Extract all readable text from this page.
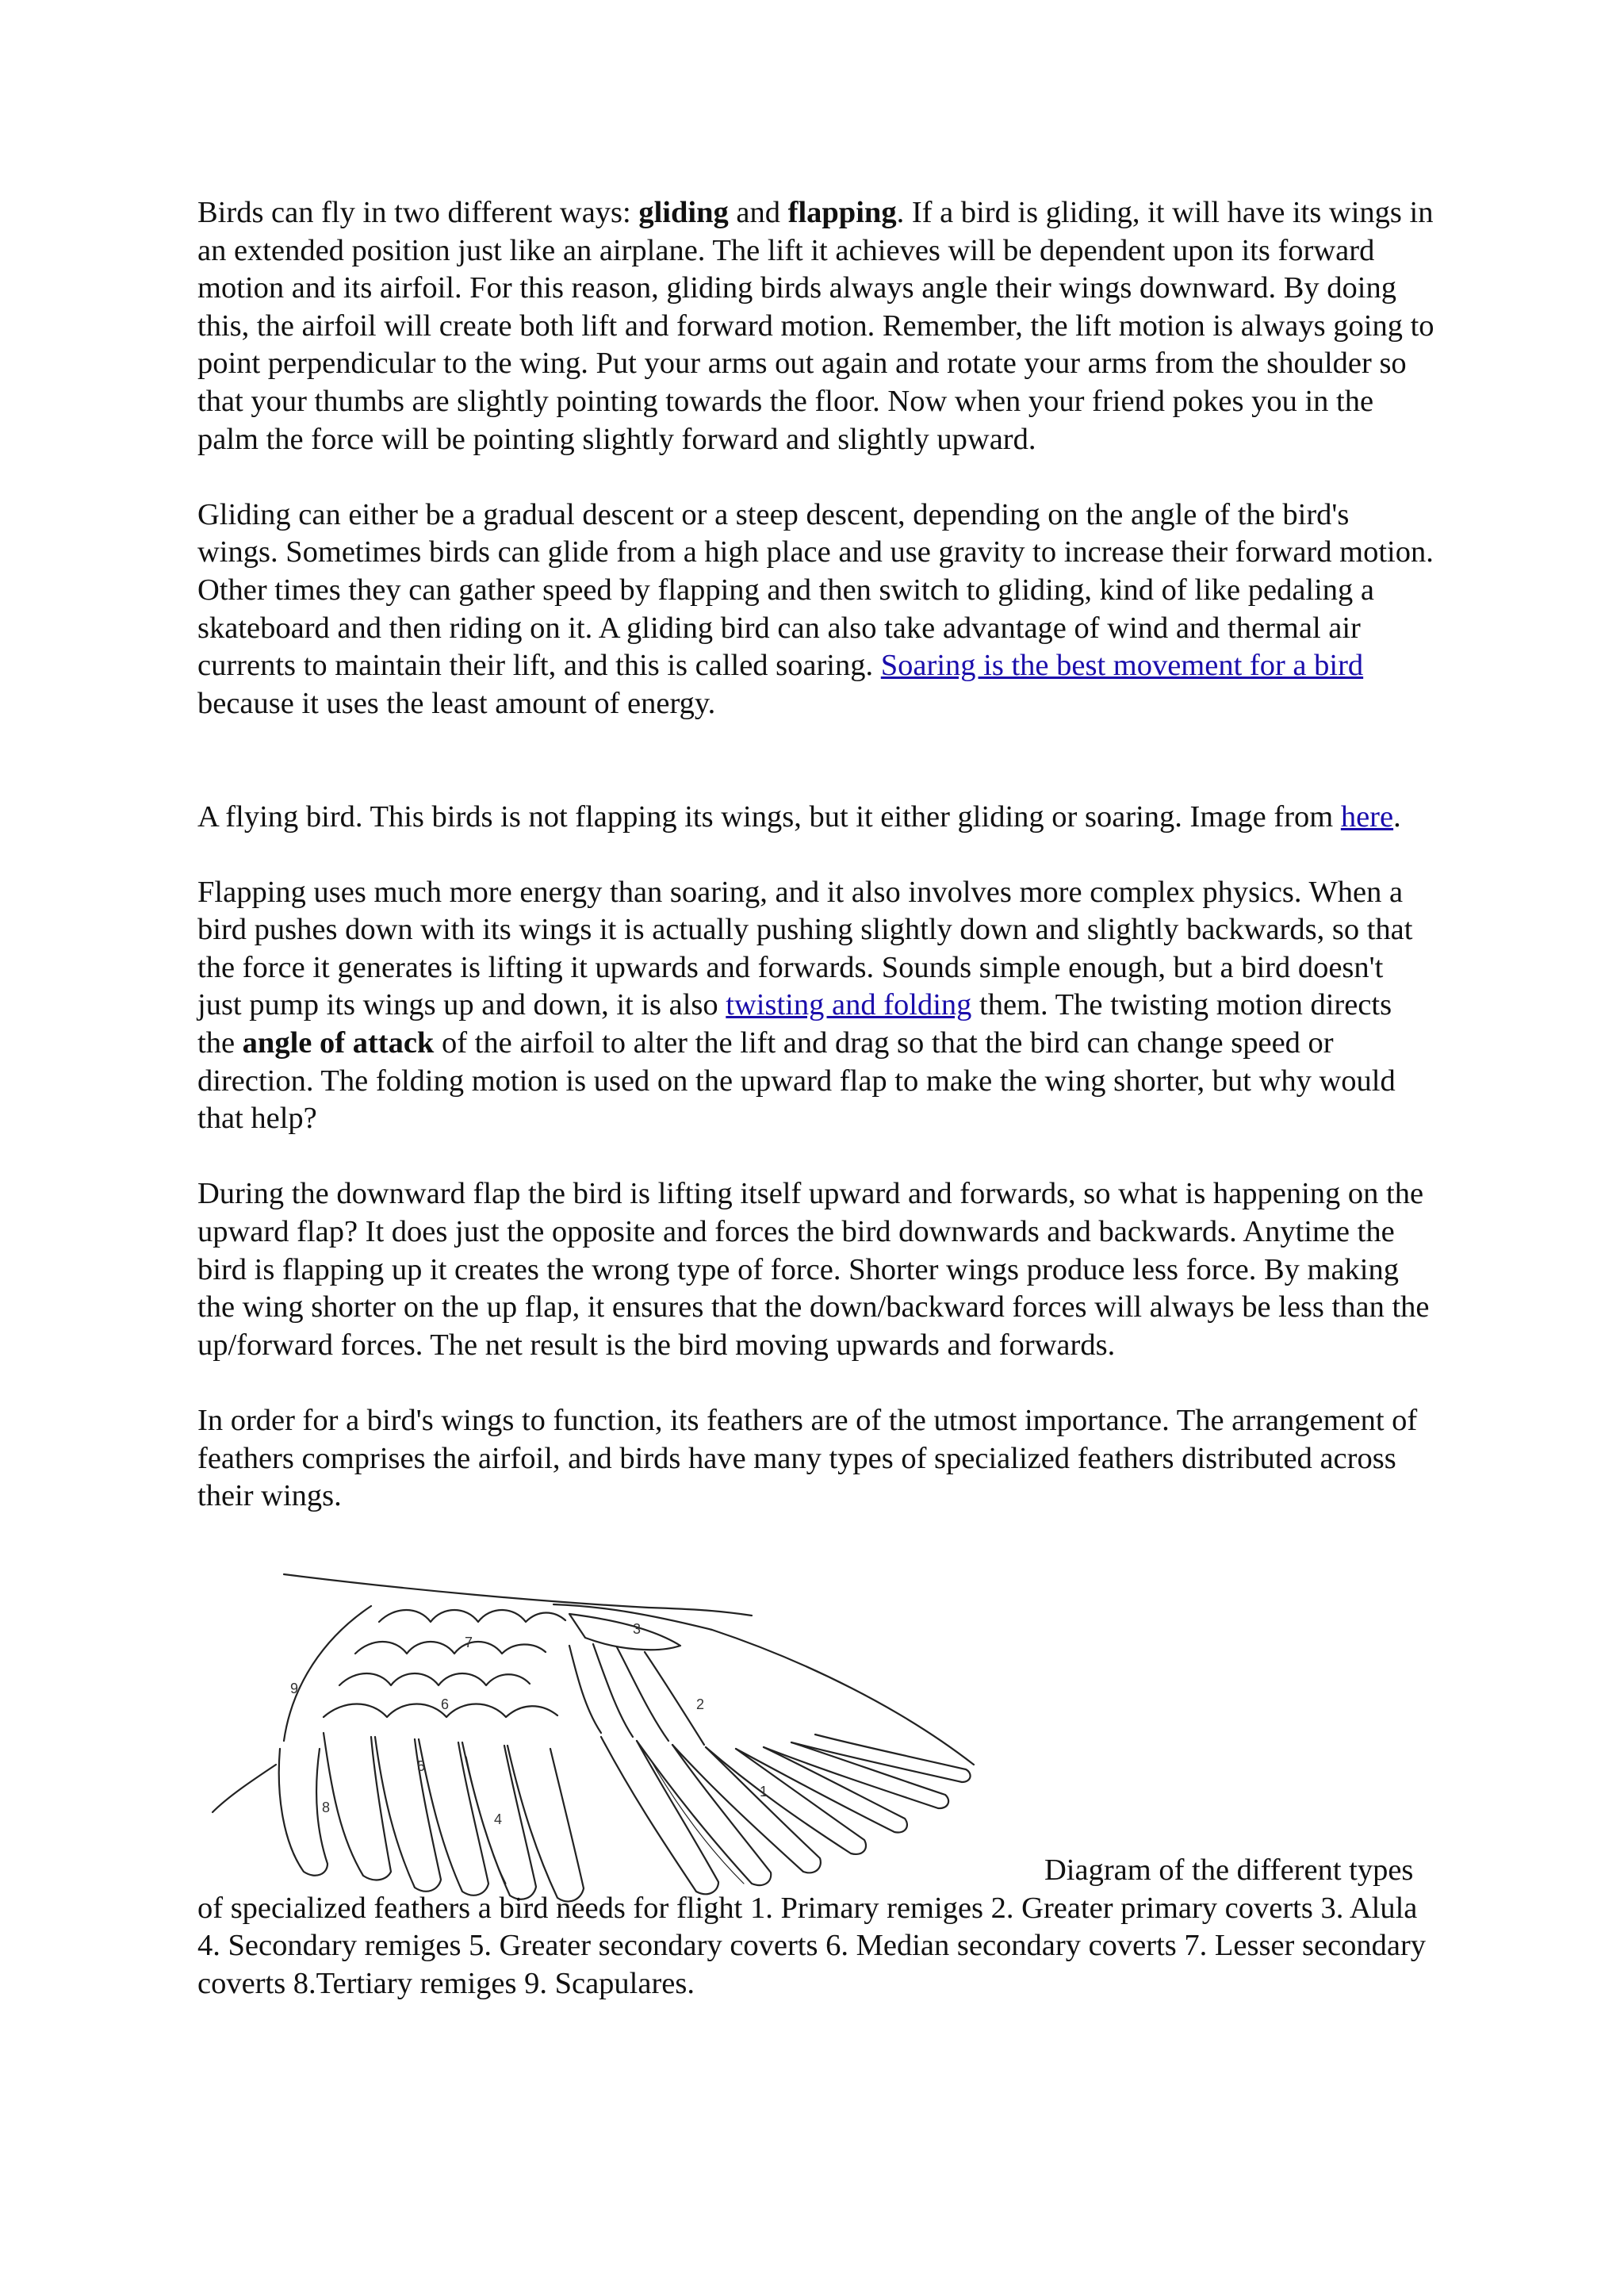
Birds can fly in two different ways: gliding and flapping. If a bird is gliding, it will have its wings in an extended position just like an airplane. The lift it achieves will be dependent upon its forward motion and its airfoil. For this reason, gliding birds always angle their wings downward. By doing this, the airfoil will create both lift and forward motion. Remember, the lift motion is always going to point perpendicular to the wing. Put your arms out again and rotate your arms from the shoulder so that your thumbs are slightly pointing towards the floor. Now when your friend pokes you in the palm the force will be pointing slightly forward and slightly upward.

Gliding can either be a gradual descent or a steep descent, depending on the angle of the bird's wings. Sometimes birds can glide from a high place and use gravity to increase their forward motion. Other times they can gather speed by flapping and then switch to gliding, kind of like pedaling a skateboard and then riding on it. A gliding bird can also take advantage of wind and thermal air currents to maintain their lift, and this is called soaring. Soaring is the best movement for a bird because it uses the least amount of energy.

A flying bird. This birds is not flapping its wings, but it either gliding or soaring. Image from here.

Flapping uses much more energy than soaring, and it also involves more complex physics. When a bird pushes down with its wings it is actually pushing slightly down and slightly backwards, so that the force it generates is lifting it upwards and forwards. Sounds simple enough, but a bird doesn't just pump its wings up and down, it is also twisting and folding them. The twisting motion directs the angle of attack of the airfoil to alter the lift and drag so that the bird can change speed or direction. The folding motion is used on the upward flap to make the wing shorter, but why would that help?

During the downward flap the bird is lifting itself upward and forwards, so what is happening on the upward flap? It does just the opposite and forces the bird downwards and backwards. Anytime the bird is flapping up it creates the wrong type of force. Shorter wings produce less force. By making the wing shorter on the up flap, it ensures that the down/backward forces will always be less than the up/forward forces. The net result is the bird moving upwards and forwards.

In order for a bird's wings to function, its feathers are of the utmost importance. The arrangement of feathers comprises the airfoil, and birds have many types of specialized feathers distributed across their wings.

1
2
3
4
5
6
7
8
9
Diagram of the different types of specialized feathers a bird needs for flight 1. Primary remiges 2. Greater primary coverts 3. Alula 4. Secondary remiges 5. Greater secondary coverts 6. Median secondary coverts 7. Lesser secondary coverts 8.Tertiary remiges 9. Scapulares.
